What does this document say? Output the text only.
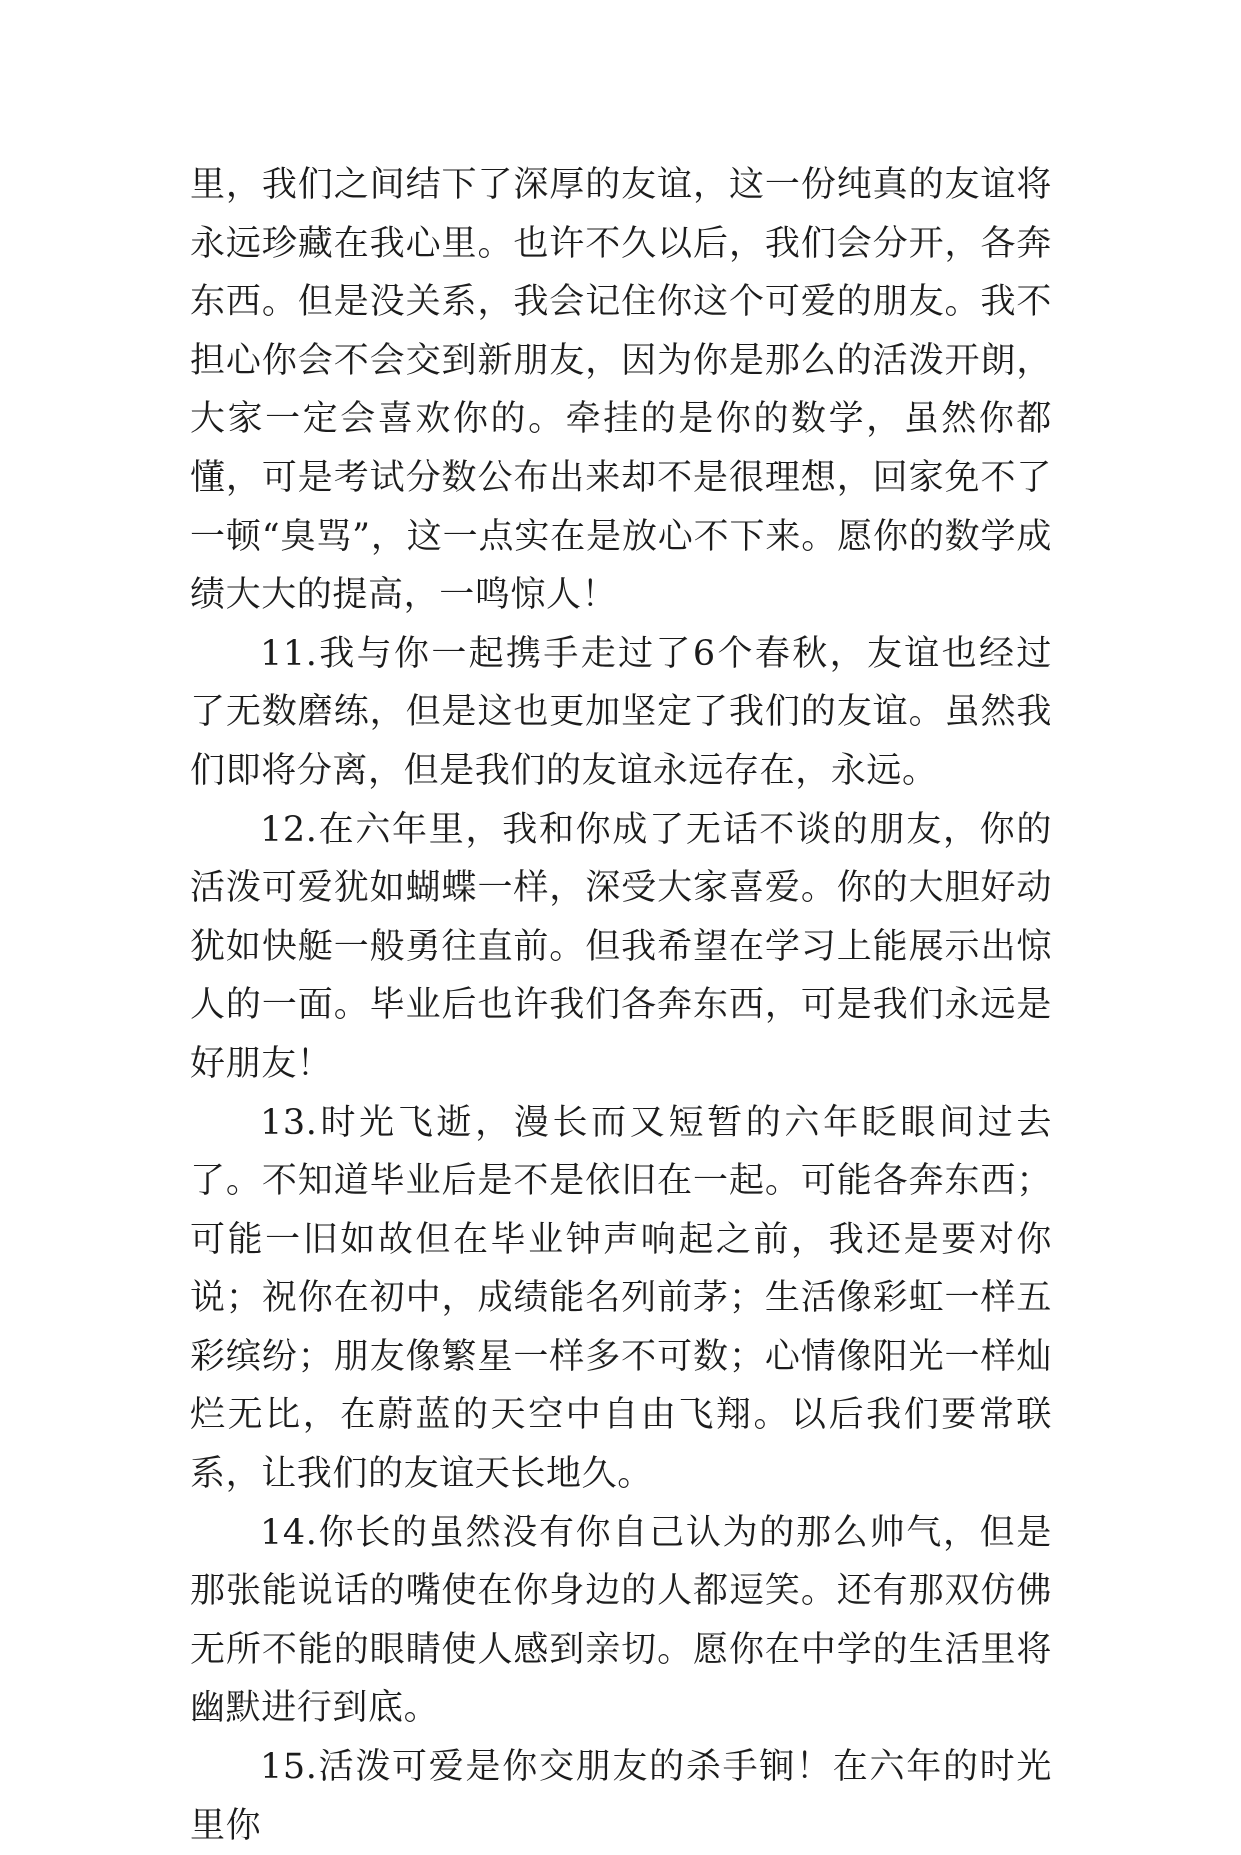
里，我们之间结下了深厚的友谊，这一份纯真的友谊将永远珍藏在我心里。也许不久以后，我们会分开，各奔东西。但是没关系，我会记住你这个可爱的朋友。我不担心你会不会交到新朋友，因为你是那么的活泼开朗，大家一定会喜欢你的。牵挂的是你的数学，虽然你都懂，可是考试分数公布出来却不是很理想，回家免不了一顿“臭骂”，这一点实在是放心不下来。愿你的数学成绩大大的提高，一鸣惊人！

11.我与你一起携手走过了6个春秋，友谊也经过了无数磨练，但是这也更加坚定了我们的友谊。虽然我们即将分离，但是我们的友谊永远存在，永远。

12.在六年里，我和你成了无话不谈的朋友，你的活泼可爱犹如蝴蝶一样，深受大家喜爱。你的大胆好动犹如快艇一般勇往直前。但我希望在学习上能展示出惊人的一面。毕业后也许我们各奔东西，可是我们永远是好朋友！

13.时光飞逝，漫长而又短暂的六年眨眼间过去了。不知道毕业后是不是依旧在一起。可能各奔东西；可能一旧如故但在毕业钟声响起之前，我还是要对你说；祝你在初中，成绩能名列前茅；生活像彩虹一样五彩缤纷；朋友像繁星一样多不可数；心情像阳光一样灿烂无比，在蔚蓝的天空中自由飞翔。以后我们要常联系，让我们的友谊天长地久。

14.你长的虽然没有你自己认为的那么帅气，但是那张能说话的嘴使在你身边的人都逗笑。还有那双仿佛无所不能的眼睛使人感到亲切。愿你在中学的生活里将幽默进行到底。

15.活泼可爱是你交朋友的杀手锏！在六年的时光里你
